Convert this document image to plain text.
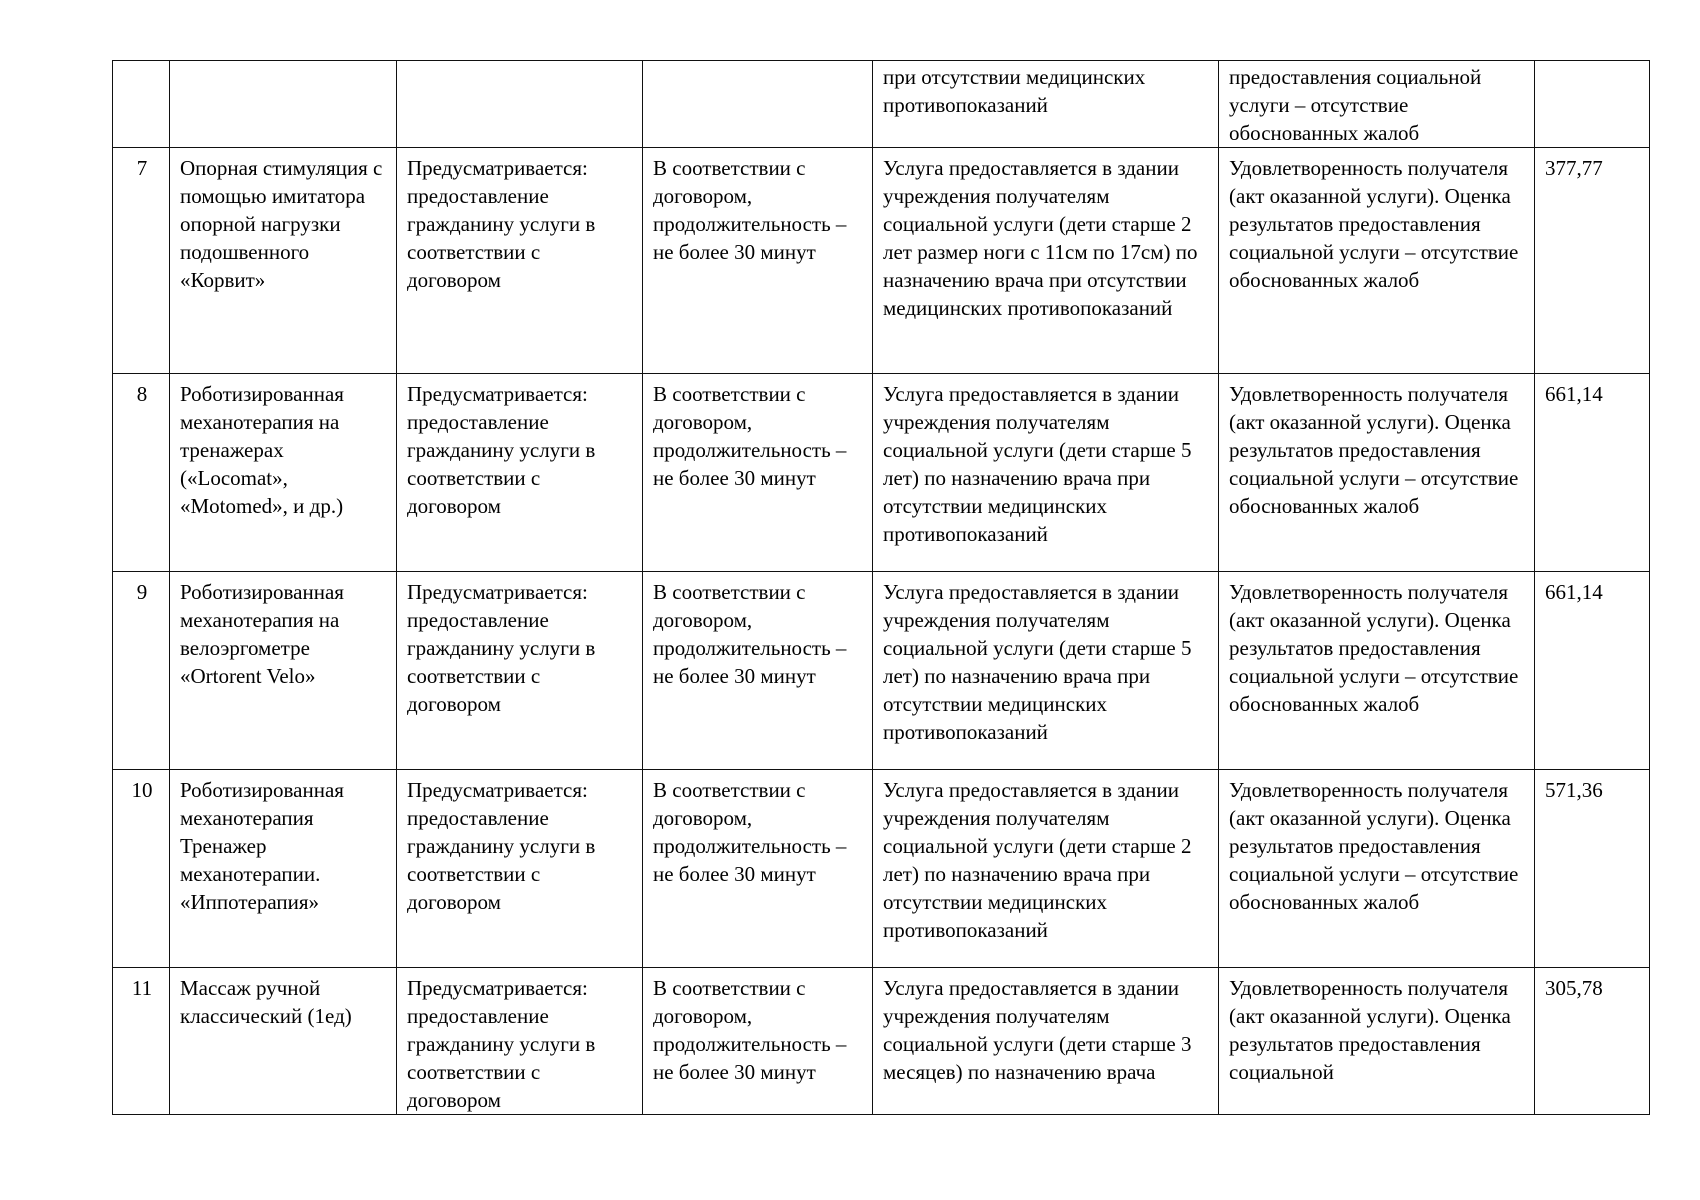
				при отсутствии медицинских противопоказаний	предоставления социальной услуги – отсутствие обоснованных жалоб	
7	Опорная стимуляция с помощью имитатора опорной нагрузки подошвенного «Корвит»	Предусматривается: предоставление гражданину услуги в соответствии с договором	В соответствии с договором, продолжительность – не более 30 минут	Услуга предоставляется в здании учреждения получателям социальной услуги (дети старше 2 лет размер ноги с 11см по 17см) по назначению врача при отсутствии медицинских противопоказаний	Удовлетворенность получателя (акт оказанной услуги). Оценка результатов предоставления социальной услуги – отсутствие обоснованных жалоб	377,77
8	Роботизированная механотерапия на тренажерах («Locomat», «Motomed», и др.)	Предусматривается: предоставление гражданину услуги в соответствии с договором	В соответствии с договором, продолжительность – не более 30 минут	Услуга предоставляется в здании учреждения получателям социальной услуги (дети старше 5 лет) по назначению врача при отсутствии медицинских противопоказаний	Удовлетворенность получателя (акт оказанной услуги). Оценка результатов предоставления социальной услуги – отсутствие обоснованных жалоб	661,14
9	Роботизированная механотерапия на велоэргометре «Ortorent Velo»	Предусматривается: предоставление гражданину услуги в соответствии с договором	В соответствии с договором, продолжительность – не более 30 минут	Услуга предоставляется в здании учреждения получателям социальной услуги (дети старше 5 лет) по назначению врача при отсутствии медицинских противопоказаний	Удовлетворенность получателя (акт оказанной услуги). Оценка результатов предоставления социальной услуги – отсутствие обоснованных жалоб	661,14
10	Роботизированная механотерапия Тренажер механотерапии. «Иппотерапия»	Предусматривается: предоставление гражданину услуги в соответствии с договором	В соответствии с договором, продолжительность – не более 30 минут	Услуга предоставляется в здании учреждения получателям социальной услуги (дети старше 2 лет) по назначению врача при отсутствии медицинских противопоказаний	Удовлетворенность получателя (акт оказанной услуги). Оценка результатов предоставления социальной услуги – отсутствие обоснованных жалоб	571,36
11	Массаж ручной классический (1ед)	Предусматривается: предоставление гражданину услуги в соответствии с договором	В соответствии с договором, продолжительность – не более 30 минут	Услуга предоставляется в здании учреждения получателям социальной услуги (дети старше 3 месяцев) по назначению врача	Удовлетворенность получателя (акт оказанной услуги). Оценка результатов предоставления социальной	305,78
